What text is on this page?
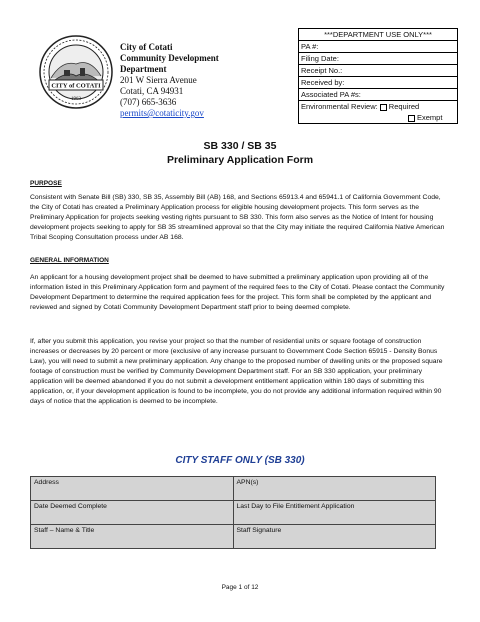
CITY of COTATI
1963
City of Cotati
Community Development
Department
201 W Sierra Avenue
Cotati, CA 94931
(707) 665-3636
permits@cotaticity.gov
***DEPARTMENT USE ONLY***
PA #:
Filing Date:
Receipt No.:
Received by:
Associated PA #s:
Environmental Review: Required
Exempt
SB 330 / SB 35
Preliminary Application Form
PURPOSE
Consistent with Senate Bill (SB) 330, SB 35, Assembly Bill (AB) 168, and Sections 65913.4 and 65941.1 of California Government Code, the City of Cotati has created a Preliminary Application process for eligible housing development projects. This form serves as the Preliminary Application for projects seeking vesting rights pursuant to SB 330. This form also serves as the Notice of Intent for housing development projects seeking to apply for SB 35 streamlined approval so that the City may initiate the required California Native American Tribal Scoping Consultation process under AB 168.
GENERAL INFORMATION
An applicant for a housing development project shall be deemed to have submitted a preliminary application upon providing all of the information listed in this Preliminary Application form and payment of the required fees to the City of Cotati. Please contact the Community Development Department to determine the required application fees for the project. This form shall be completed by the applicant and reviewed and signed by Cotati Community Development Department staff prior to being deemed complete.
If, after you submit this application, you revise your project so that the number of residential units or square footage of construction increases or decreases by 20 percent or more (exclusive of any increase pursuant to Government Code Section 65915 - Density Bonus Law), you will need to submit a new preliminary application. Any change to the proposed number of dwelling units or the proposed square footage of construction must be verified by Community Development Department staff. For an SB 330 application, your preliminary application will be deemed abandoned if you do not submit a development entitlement application within 180 days of submitting this application, or, if your development application is found to be incomplete, you do not provide any additional information required within 90 days of notice that the application is deemed to be incomplete.
CITY STAFF ONLY (SB 330)
Address	APN(s)
Date Deemed Complete	Last Day to File Entitlement Application
Staff – Name & Title	Staff Signature
Page 1 of 12
